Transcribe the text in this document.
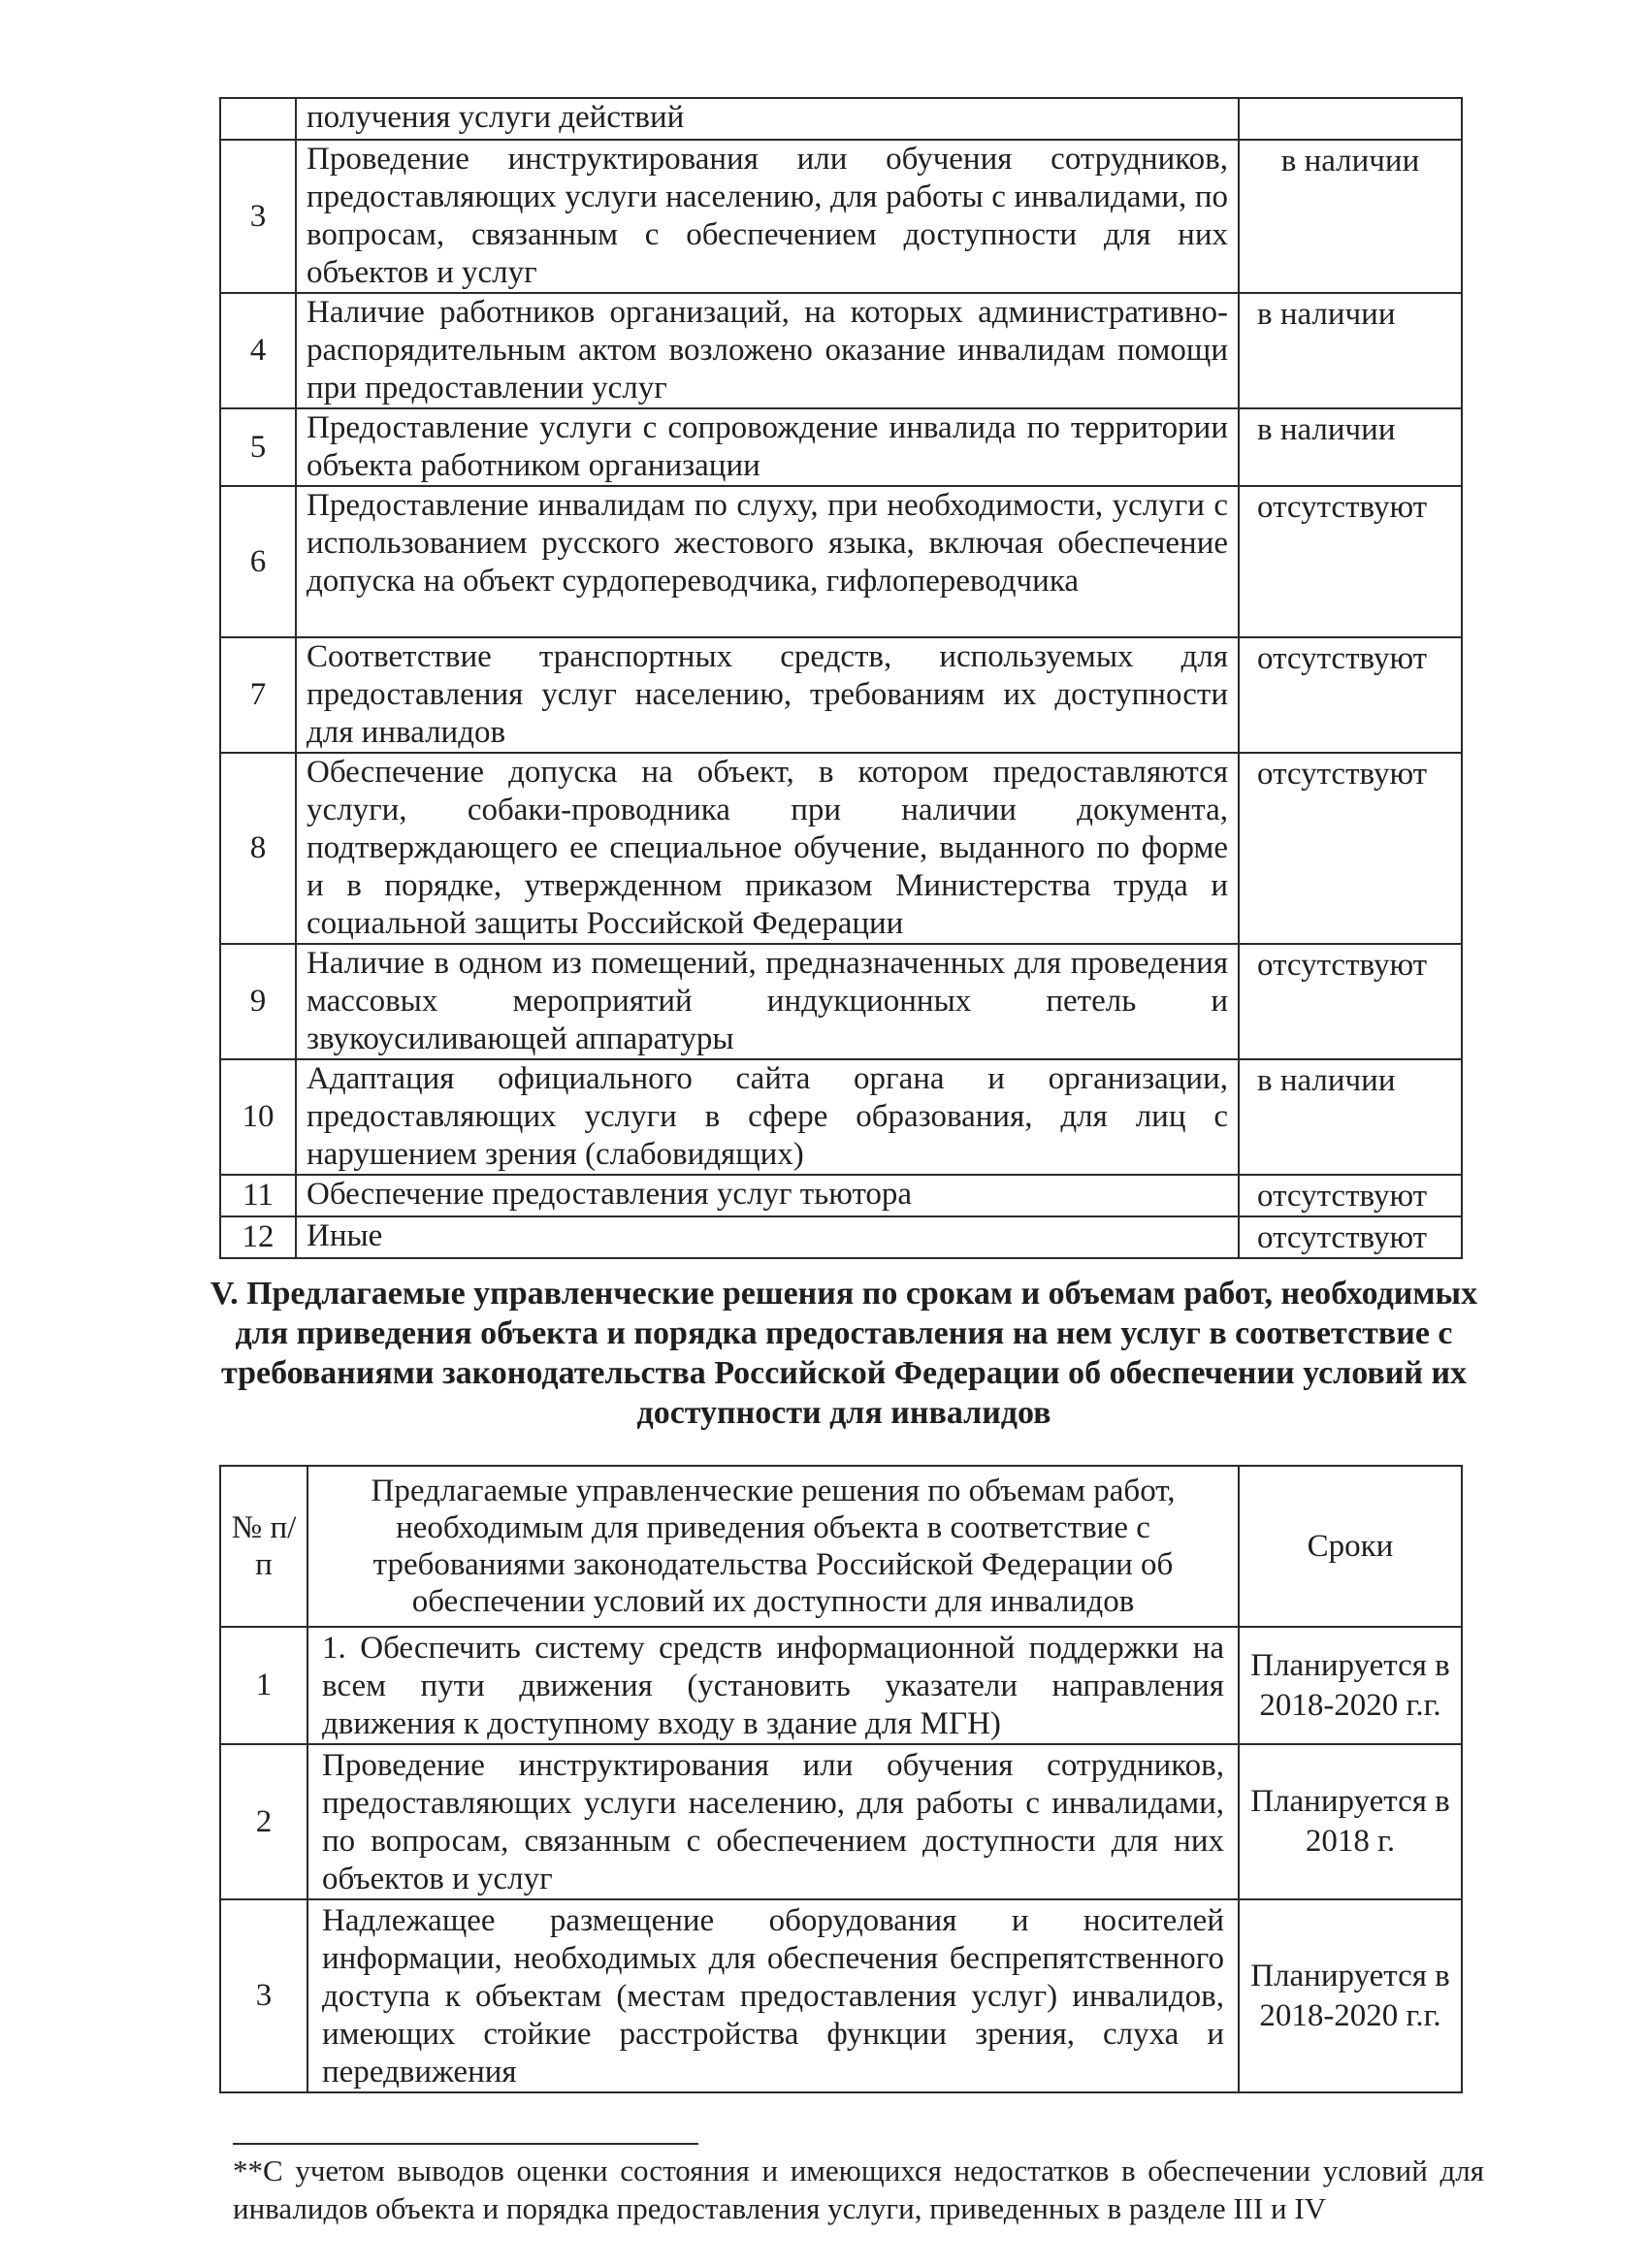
	получения услуги действий	
3	Проведение инструктирования или обучения сотрудников, предоставляющих услуги населению, для работы с инвалидами, по вопросам, связанным с обеспечением доступности для них объектов и услуг	в наличии
4	Наличие работников организаций, на которых административно-распорядительным актом возложено оказание инвалидам помощи при предоставлении услуг	в наличии
5	Предоставление услуги с сопровождение инвалида по территории объекта работником организации	в наличии
6	Предоставление инвалидам по слуху, при необходимости, услуги с использованием русского жестового языка, включая обеспечение допуска на объект сурдопереводчика, гифлопереводчика	отсутствуют
7	Соответствие транспортных средств, используемых для предоставления услуг населению, требованиям их доступности для инвалидов	отсутствуют
8	Обеспечение допуска на объект, в котором предоставляются услуги, собаки-проводника при наличии документа, подтверждающего ее специальное обучение, выданного по форме и в порядке, утвержденном приказом Министерства труда и социальной защиты Российской Федерации	отсутствуют
9	Наличие в одном из помещений, предназначенных для проведения массовых мероприятий индукционных петель и звукоусиливающей аппаратуры	отсутствуют
10	Адаптация официального сайта органа и организации, предоставляющих услуги в сфере образования, для лиц с нарушением зрения (слабовидящих)	в наличии
11	Обеспечение предоставления услуг тьютора	отсутствуют
12	Иные	отсутствуют
V. Предлагаемые управленческие решения по срокам и объемам работ, необходимых для приведения объекта и порядка предоставления на нем услуг в соответствие с требованиями законодательства Российской Федерации об обеспечении условий их доступности для инвалидов
№ п/п	Предлагаемые управленческие решения по объемам работ, необходимым для приведения объекта в соответствие с требованиями законодательства Российской Федерации об обеспечении условий их доступности для инвалидов	Сроки
1	1. Обеспечить систему средств информационной поддержки на всем пути движения (установить указатели направления движения к доступному входу в здание для МГН)	Планируется в 2018-2020 г.г.
2	Проведение инструктирования или обучения сотрудников, предоставляющих услуги населению, для работы с инвалидами, по вопросам, связанным с обеспечением доступности для них объектов и услуг	Планируется в 2018 г.
3	Надлежащее размещение оборудования и носителей информации, необходимых для обеспечения беспрепятственного доступа к объектам (местам предоставления услуг) инвалидов, имеющих стойкие расстройства функции зрения, слуха и передвижения	Планируется в 2018-2020 г.г.
**С учетом выводов оценки состояния и имеющихся недостатков в обеспечении условий для инвалидов объекта и порядка предоставления услуги, приведенных в разделе III и IV
